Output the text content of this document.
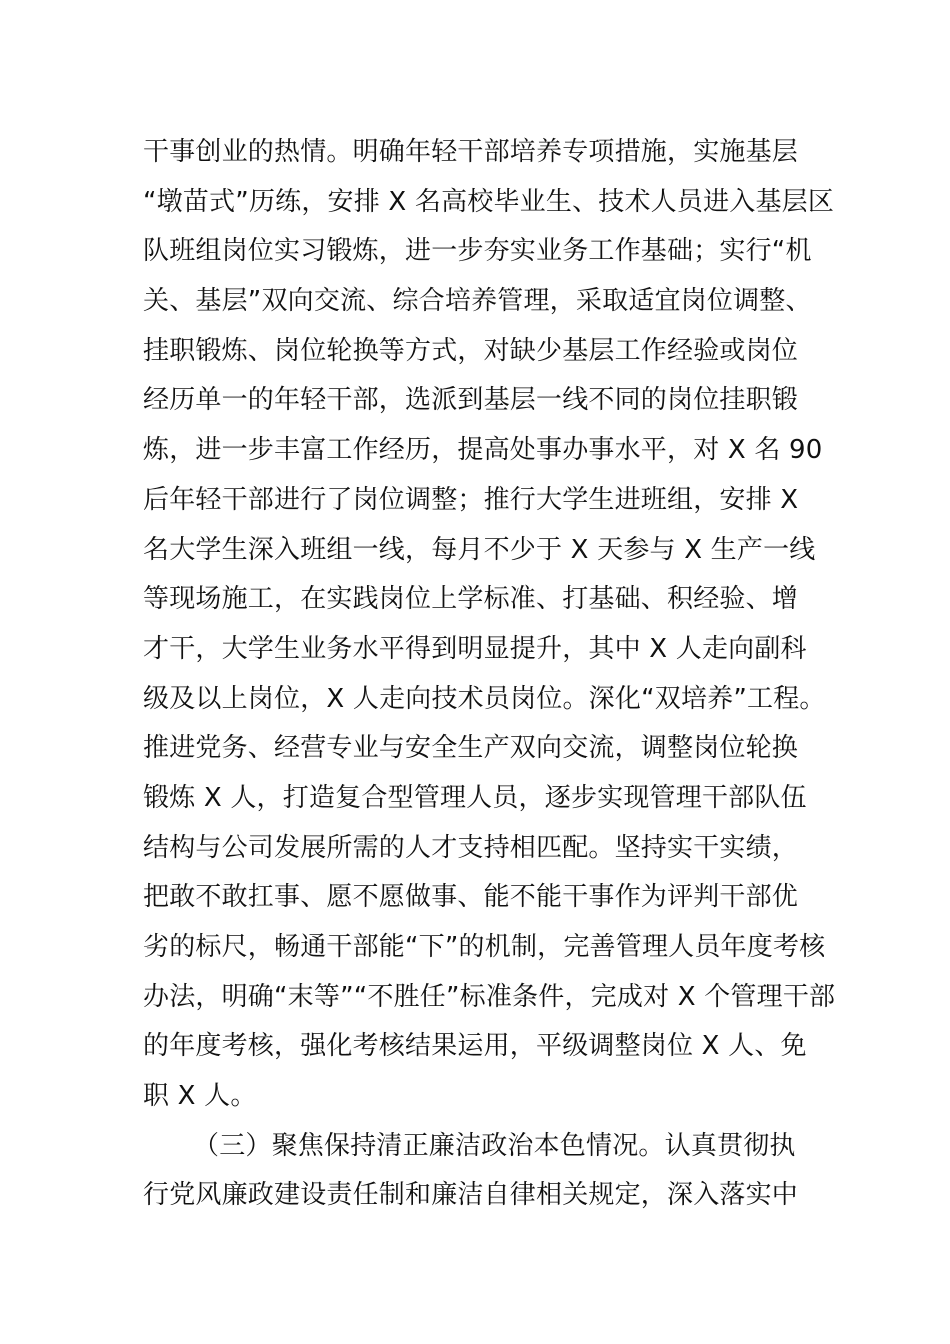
干事创业的热情。明确年轻干部培养专项措施，实施基层
“墩苗式”历练，安排 X 名高校毕业生、技术人员进入基层区
队班组岗位实习锻炼，进一步夯实业务工作基础；实行“机
关、基层”双向交流、综合培养管理，采取适宜岗位调整、
挂职锻炼、岗位轮换等方式，对缺少基层工作经验或岗位
经历单一的年轻干部，选派到基层一线不同的岗位挂职锻
炼，进一步丰富工作经历，提高处事办事水平，对 X 名 90
后年轻干部进行了岗位调整；推行大学生进班组，安排 X
名大学生深入班组一线，每月不少于 X 天参与 X 生产一线
等现场施工，在实践岗位上学标准、打基础、积经验、增
才干，大学生业务水平得到明显提升，其中 X 人走向副科
级及以上岗位，X 人走向技术员岗位。深化“双培养”工程。
推进党务、经营专业与安全生产双向交流，调整岗位轮换
锻炼 X 人，打造复合型管理人员，逐步实现管理干部队伍
结构与公司发展所需的人才支持相匹配。坚持实干实绩，
把敢不敢扛事、愿不愿做事、能不能干事作为评判干部优
劣的标尺，畅通干部能“下”的机制，完善管理人员年度考核
办法，明确“末等”“不胜任”标准条件，完成对 X 个管理干部
的年度考核，强化考核结果运用，平级调整岗位 X 人、免
职 X 人。
（三）聚焦保持清正廉洁政治本色情况。认真贯彻执
行党风廉政建设责任制和廉洁自律相关规定，深入落实中
